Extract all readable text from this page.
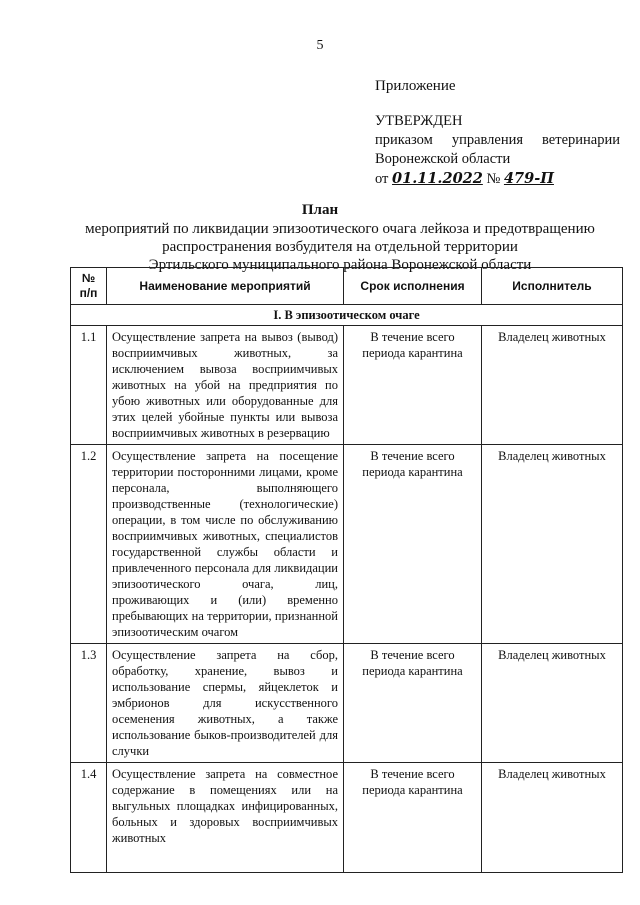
5
Приложение
УТВЕРЖДЕН
приказом управления ветеринарии
Воронежской области
от 01.11.2022 № 479-П
План
мероприятий по ликвидации эпизоотического очага лейкоза и предотвращению
распространения возбудителя на отдельной территории
Эртильского муниципального района Воронежской области
№ п/п	Наименование мероприятий	Срок исполнения	Исполнитель
I. В эпизоотическом очаге			
1.1	Осуществление запрета на вывоз (вывод) восприимчивых животных, за исключением вывоза восприимчивых животных на убой на предприятия по убою животных или оборудованные для этих целей убойные пункты или вывоза восприимчивых животных в резервацию	В течение всего периода карантина	Владелец животных
1.2	Осуществление запрета на посещение территории посторонними лицами, кроме персонала, выполняющего производственные (технологические) операции, в том числе по обслуживанию восприимчивых животных, специалистов государственной службы области и привлеченного персонала для ликвидации эпизоотического очага, лиц, проживающих и (или) временно пребывающих на территории, признанной эпизоотическим очагом	В течение всего периода карантина	Владелец животных
1.3	Осуществление запрета на сбор, обработку, хранение, вывоз и использование спермы, яйцеклеток и эмбрионов для искусственного осеменения животных, а также использование быков-производителей для случки	В течение всего периода карантина	Владелец животных
1.4	Осуществление запрета на совместное содержание в помещениях или на выгульных площадках инфицированных, больных и здоровых восприимчивых животных	В течение всего периода карантина	Владелец животных
